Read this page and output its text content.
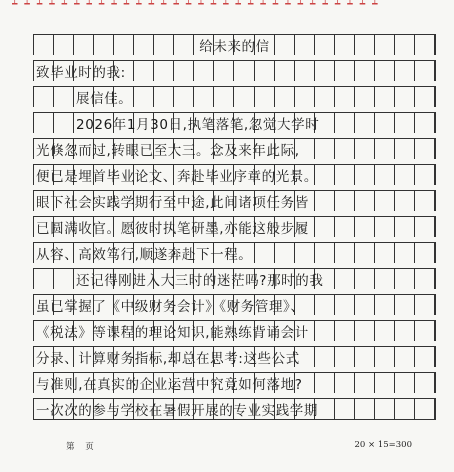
┷┷┷┷┷┷┷┷┷┷┷┷┷┷┷┷┷┷┷┷┷┷┷┷┷┷┷┷┷┷
给未来的信
致毕业时的我:
展信佳。
2026年1月30日,执笔落笔,忽觉大学时
光倏忽而过,转眼已至大三。念及来年此际,
便已是埋首毕业论文、奔赴毕业序章的光景。
眼下社会实践学期行至中途,此间诸项任务皆
已圆满收官。愿彼时执笔研墨,亦能这般步履
从容、高效笃行,顺遂奔赴下一程。
还记得刚进入大三时的迷茫吗?那时的我
虽已掌握了《中级财务会计》《财务管理》、
《税法》等课程的理论知识,能熟练背诵会计
分录、计算财务指标,却总在思考:这些公式
与准则,在真实的企业运营中究竟如何落地?
一次次的参与学校在暑假开展的专业实践学期
第 页	20 × 15=300
